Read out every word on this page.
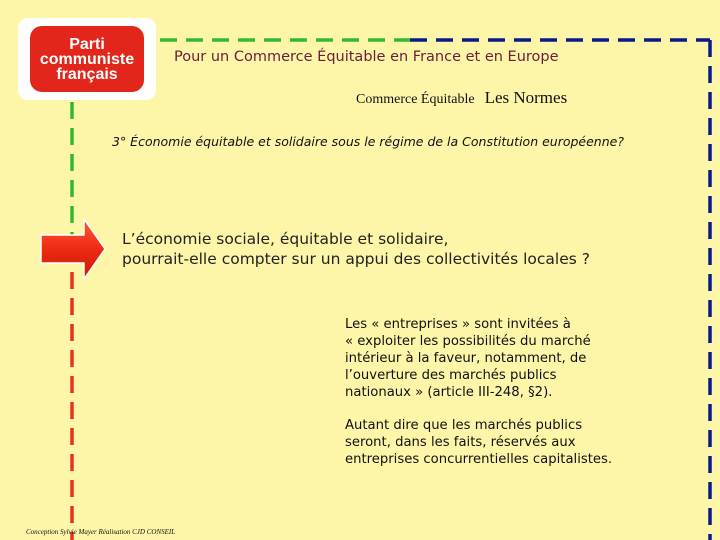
Parti
communiste
français
Pour un Commerce Équitable en France et en Europe
Commerce Équitable Les Normes
3° Économie équitable et solidaire sous le régime de la Constitution européenne?
L’économie sociale, équitable et solidaire,
pourrait-elle compter sur un appui des collectivités locales ?
Les « entreprises » sont invitées à
« exploiter les possibilités du marché
intérieur à la faveur, notamment, de
l’ouverture des marchés publics
nationaux » (article III-248, §2).
Autant dire que les marchés publics
seront, dans les faits, réservés aux
entreprises concurrentielles capitalistes.
Conception Sylvie Mayer Réalisation CJD CONSEIL
